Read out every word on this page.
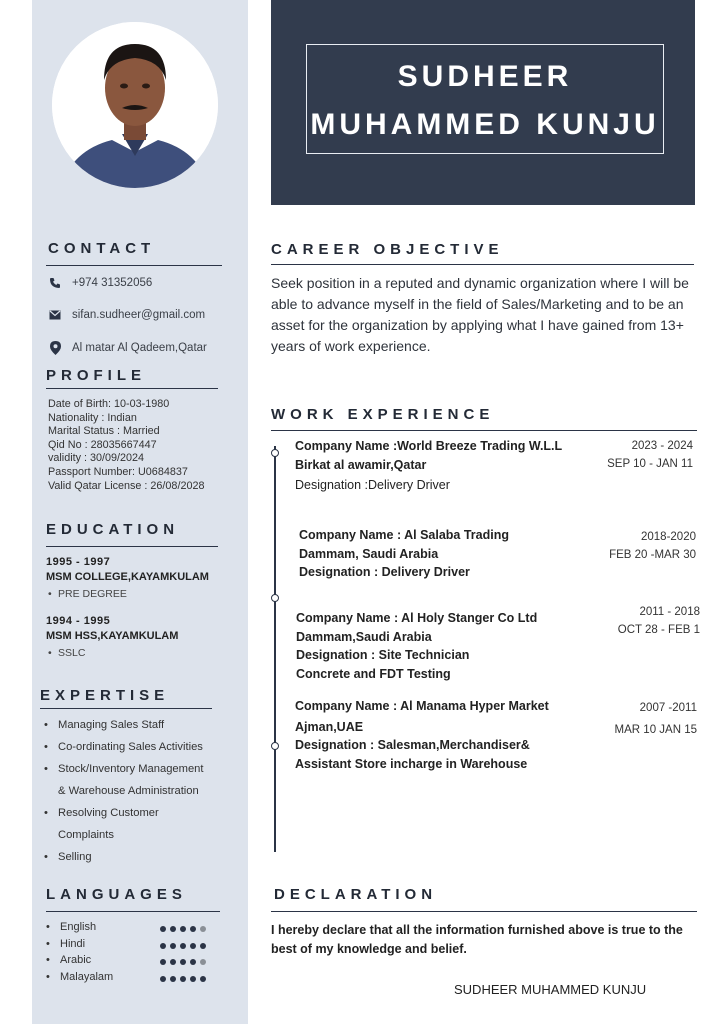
SUDHEER
MUHAMMED KUNJU
CONTACT
+974 31352056
sifan.sudheer@gmail.com
Al matar Al Qadeem,Qatar
PROFILE
Date of Birth: 10-03-1980
Nationality : Indian
Marital Status : Married
Qid No : 28035667447
validity : 30/09/2024
Passport Number: U0684837
Valid Qatar License : 26/08/2028
EDUCATION
1995 - 1997
MSM COLLEGE,KAYAMKULAM
• PRE DEGREE
1994 - 1995
MSM HSS,KAYAMKULAM
• SSLC
EXPERTISE
• Managing Sales Staff
• Co-ordinating Sales Activities
• Stock/Inventory Management
& Warehouse Administration
• Resolving Customer
Complaints
• Selling
LANGUAGES
• English
• Hindi
• Arabic
• Malayalam
CAREER OBJECTIVE
Seek position in a reputed and dynamic organization where I will be able to advance myself in the field of Sales/Marketing and to be an asset for the organization by applying what I have gained from 13+ years of work experience.
WORK EXPERIENCE
Company Name :World Breeze Trading W.L.L
Birkat al awamir,Qatar
Designation :Delivery Driver
2023 - 2024
SEP 10 - JAN 11
Company Name : Al Salaba Trading
Dammam, Saudi Arabia
Designation : Delivery Driver
2018-2020
FEB 20 -MAR 30
Company Name : Al Holy Stanger Co Ltd
Dammam,Saudi Arabia
Designation : Site Technician
Concrete and FDT Testing
2011 - 2018
OCT 28 - FEB 1
Company Name : Al Manama Hyper Market
Ajman,UAE
Designation : Salesman,Merchandiser&
Assistant Store incharge in Warehouse
2007 -2011
MAR 10 JAN 15
DECLARATION
I hereby declare that all the information furnished above is true to the best of my knowledge and belief.
SUDHEER MUHAMMED KUNJU
